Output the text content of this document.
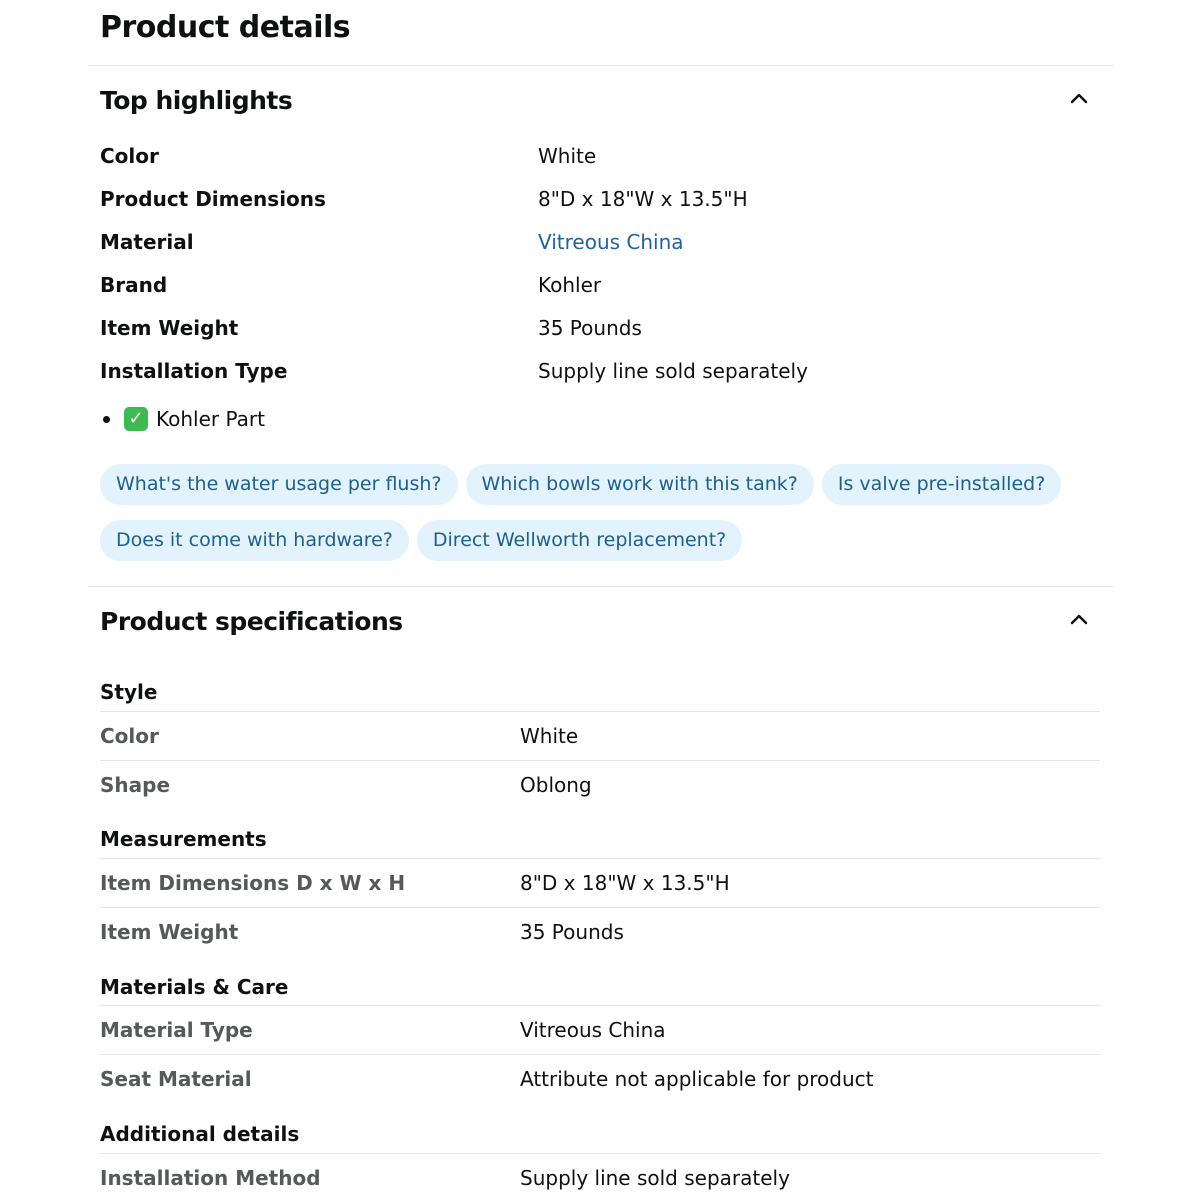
Product details
Top highlights
Color	White
Product Dimensions	8"D x 18"W x 13.5"H
Material	Vitreous China
Brand	Kohler
Item Weight	35 Pounds
Installation Type	Supply line sold separately
✓ Kohler Part
What's the water usage per flush?	Which bowls work with this tank?	Is valve pre-installed?
Does it come with hardware?	Direct Wellworth replacement?
Product specifications
Style
Color	White
Shape	Oblong
Measurements
Item Dimensions D x W x H	8"D x 18"W x 13.5"H
Item Weight	35 Pounds
Materials & Care
Material Type	Vitreous China
Seat Material	Attribute not applicable for product
Additional details
Installation Method	Supply line sold separately
